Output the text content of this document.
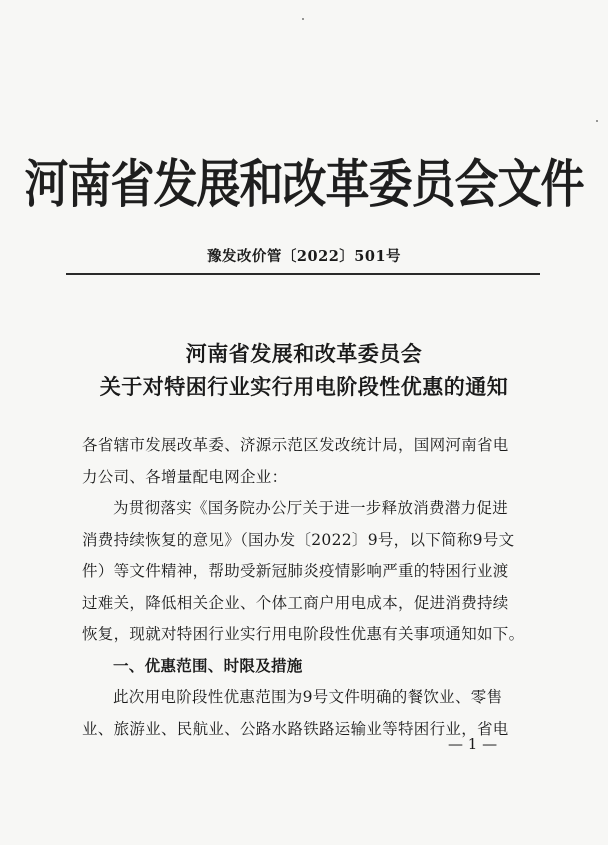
河南省发展和改革委员会文件
豫发改价管〔2022〕501号
河南省发展和改革委员会
关于对特困行业实行用电阶段性优惠的通知
各省辖市发展改革委、济源示范区发改统计局，国网河南省电
力公司、各增量配电网企业：
为贯彻落实《国务院办公厅关于进一步释放消费潜力促进
消费持续恢复的意见》（国办发〔2022〕9号，以下简称9号文
件）等文件精神，帮助受新冠肺炎疫情影响严重的特困行业渡
过难关，降低相关企业、个体工商户用电成本，促进消费持续
恢复，现就对特困行业实行用电阶段性优惠有关事项通知如下。
一、优惠范围、时限及措施
此次用电阶段性优惠范围为9号文件明确的餐饮业、零售
业、旅游业、民航业、公路水路铁路运输业等特困行业，省电
— 1 —
